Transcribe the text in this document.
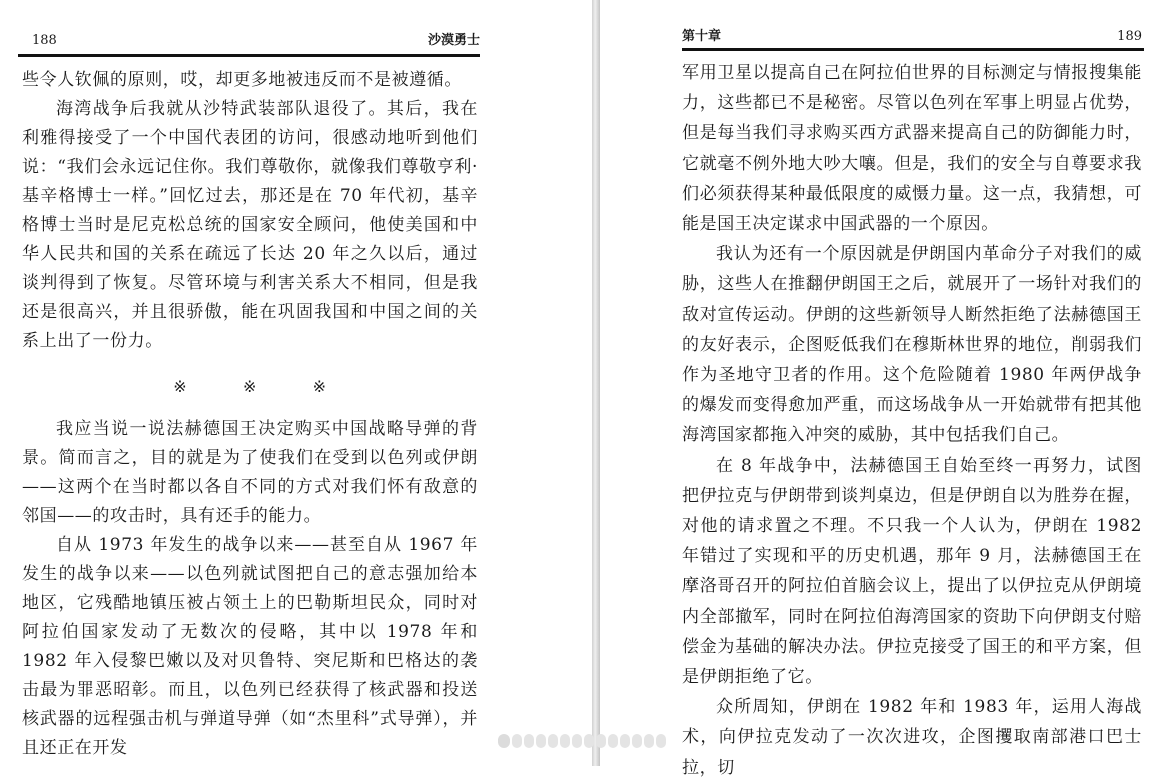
188	沙漠勇士

些令人钦佩的原则，哎，却更多地被违反而不是被遵循。

海湾战争后我就从沙特武装部队退役了。其后，我在利雅得接受了一个中国代表团的访问，很感动地听到他们说：“我们会永远记住你。我们尊敬你，就像我们尊敬亨利·基辛格博士一样。”回忆过去，那还是在 70 年代初，基辛格博士当时是尼克松总统的国家安全顾问，他使美国和中华人民共和国的关系在疏远了长达 20 年之久以后，通过谈判得到了恢复。尽管环境与利害关系大不相同，但是我还是很高兴，并且很骄傲，能在巩固我国和中国之间的关系上出了一份力。

※ ※ ※

我应当说一说法赫德国王决定购买中国战略导弹的背景。简而言之，目的就是为了使我们在受到以色列或伊朗——这两个在当时都以各自不同的方式对我们怀有敌意的邻国——的攻击时，具有还手的能力。

自从 1973 年发生的战争以来——甚至自从 1967 年发生的战争以来——以色列就试图把自己的意志强加给本地区，它残酷地镇压被占领土上的巴勒斯坦民众，同时对阿拉伯国家发动了无数次的侵略，其中以 1978 年和 1982 年入侵黎巴嫩以及对贝鲁特、突尼斯和巴格达的袭击最为罪恶昭彰。而且，以色列已经获得了核武器和投送核武器的远程强击机与弹道导弹（如“杰里科”式导弹），并且还正在开发

第十章	189

军用卫星以提高自己在阿拉伯世界的目标测定与情报搜集能力，这些都已不是秘密。尽管以色列在军事上明显占优势，但是每当我们寻求购买西方武器来提高自己的防御能力时，它就毫不例外地大吵大嚷。但是，我们的安全与自尊要求我们必须获得某种最低限度的威慑力量。这一点，我猜想，可能是国王决定谋求中国武器的一个原因。

我认为还有一个原因就是伊朗国内革命分子对我们的威胁，这些人在推翻伊朗国王之后，就展开了一场针对我们的敌对宣传运动。伊朗的这些新领导人断然拒绝了法赫德国王的友好表示，企图贬低我们在穆斯林世界的地位，削弱我们作为圣地守卫者的作用。这个危险随着 1980 年两伊战争的爆发而变得愈加严重，而这场战争从一开始就带有把其他海湾国家都拖入冲突的威胁，其中包括我们自己。

在 8 年战争中，法赫德国王自始至终一再努力，试图把伊拉克与伊朗带到谈判桌边，但是伊朗自以为胜券在握，对他的请求置之不理。不只我一个人认为，伊朗在 1982 年错过了实现和平的历史机遇，那年 9 月，法赫德国王在摩洛哥召开的阿拉伯首脑会议上，提出了以伊拉克从伊朗境内全部撤军，同时在阿拉伯海湾国家的资助下向伊朗支付赔偿金为基础的解决办法。伊拉克接受了国王的和平方案，但是伊朗拒绝了它。

众所周知，伊朗在 1982 年和 1983 年，运用人海战术，向伊拉克发动了一次次进攻，企图攫取南部港口巴士拉，切
